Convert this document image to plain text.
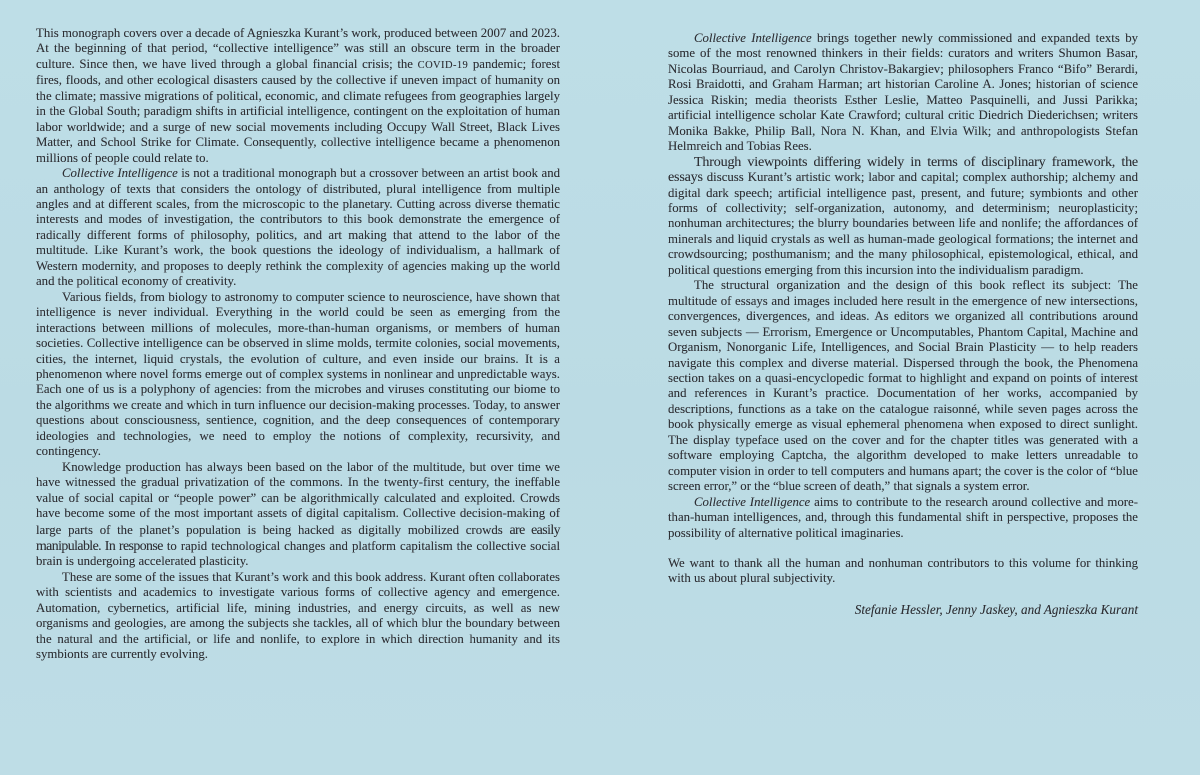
This monograph covers over a decade of Agnieszka Kurant’s work, produced between 2007 and 2023. At the beginning of that period, “collective intelligence” was still an obscure term in the broader culture. Since then, we have lived through a global financial crisis; the COVID-19 pandemic; forest fires, floods, and other ecological disasters caused by the collective if uneven impact of humanity on the climate; massive migrations of political, economic, and climate refugees from geographies largely in the Global South; paradigm shifts in artificial intelligence, contingent on the exploitation of human labor worldwide; and a surge of new social movements including Occupy Wall Street, Black Lives Matter, and School Strike for Climate. Consequently, collective intelligence became a phenomenon millions of people could relate to.

Collective Intelligence is not a traditional monograph but a crossover between an artist book and an anthology of texts that considers the ontology of distributed, plural intelligence from multiple angles and at different scales, from the microscopic to the planetary. Cutting across diverse thematic interests and modes of investigation, the contributors to this book demonstrate the emergence of radically different forms of philosophy, politics, and art making that attend to the labor of the multitude. Like Kurant’s work, the book questions the ideology of individualism, a hallmark of Western modernity, and proposes to deeply rethink the complexity of agencies making up the world and the political economy of creativity.

Various fields, from biology to astronomy to computer science to neuroscience, have shown that intelligence is never individual. Everything in the world could be seen as emerging from the interactions between millions of molecules, more-than-human organisms, or members of human societies. Collective intelligence can be observed in slime molds, termite colonies, social movements, cities, the internet, liquid crystals, the evolution of culture, and even inside our brains. It is a phenomenon where novel forms emerge out of complex systems in nonlinear and unpredictable ways. Each one of us is a polyphony of agencies: from the microbes and viruses constituting our biome to the algorithms we create and which in turn influence our decision-making processes. Today, to answer questions about consciousness, sentience, cognition, and the deep consequences of contemporary ideologies and technologies, we need to employ the notions of complexity, recursivity, and contingency.

Knowledge production has always been based on the labor of the multitude, but over time we have witnessed the gradual privatization of the commons. In the twenty-first century, the ineffable value of social capital or “people power” can be algorithmically calculated and exploited. Crowds have become some of the most important assets of digital capitalism. Collective decision-making of large parts of the planet’s population is being hacked as digitally mobilized crowds are easily manipulable. In response to rapid technological changes and platform capitalism the collective social brain is undergoing accelerated plasticity.

These are some of the issues that Kurant’s work and this book address. Kurant often collaborates with scientists and academics to investigate various forms of collective agency and emergence. Automation, cybernetics, artificial life, mining industries, and energy circuits, as well as new organisms and geologies, are among the subjects she tackles, all of which blur the boundary between the natural and the artificial, or life and nonlife, to explore in which direction humanity and its symbionts are currently evolving.

Collective Intelligence brings together newly commissioned and expanded texts by some of the most renowned thinkers in their fields: curators and writers Shumon Basar, Nicolas Bourriaud, and Carolyn Christov-Bakargiev; philosophers Franco “Bifo” Berardi, Rosi Braidotti, and Graham Harman; art historian Caroline A. Jones; historian of science Jessica Riskin; media theorists Esther Leslie, Matteo Pasquinelli, and Jussi Parikka; artificial intelligence scholar Kate Crawford; cultural critic Diedrich Diederichsen; writers Monika Bakke, Philip Ball, Nora N. Khan, and Elvia Wilk; and anthropologists Stefan Helmreich and Tobias Rees.

Through viewpoints differing widely in terms of disciplinary framework, the essays discuss Kurant’s artistic work; labor and capital; complex authorship; alchemy and digital dark speech; artificial intelligence past, present, and future; symbionts and other forms of collectivity; self-organization, autonomy, and determinism; neuroplasticity; nonhuman architectures; the blurry boundaries between life and nonlife; the affordances of minerals and liquid crystals as well as human-made geological formations; the internet and crowdsourcing; posthumanism; and the many philosophical, epistemological, ethical, and political questions emerging from this incursion into the individualism paradigm.

The structural organization and the design of this book reflect its subject: The multitude of essays and images included here result in the emergence of new intersections, convergences, divergences, and ideas. As editors we organized all contributions around seven subjects — Errorism, Emergence or Uncomputables, Phantom Capital, Machine and Organism, Nonorganic Life, Intelligences, and Social Brain Plasticity — to help readers navigate this complex and diverse material. Dispersed through the book, the Phenomena section takes on a quasi-encyclopedic format to highlight and expand on points of interest and references in Kurant’s practice. Documentation of her works, accompanied by descriptions, functions as a take on the catalogue raisonné, while seven pages across the book physically emerge as visual ephemeral phenomena when exposed to direct sunlight. The display typeface used on the cover and for the chapter titles was generated with a software employing Captcha, the algorithm developed to make letters unreadable to computer vision in order to tell computers and humans apart; the cover is the color of “blue screen error,” or the “blue screen of death,” that signals a system error.

Collective Intelligence aims to contribute to the research around collective and more-than-human intelligences, and, through this fundamental shift in perspective, proposes the possibility of alternative political imaginaries.

We want to thank all the human and nonhuman contributors to this volume for thinking with us about plural subjectivity.

Stefanie Hessler, Jenny Jaskey, and Agnieszka Kurant
